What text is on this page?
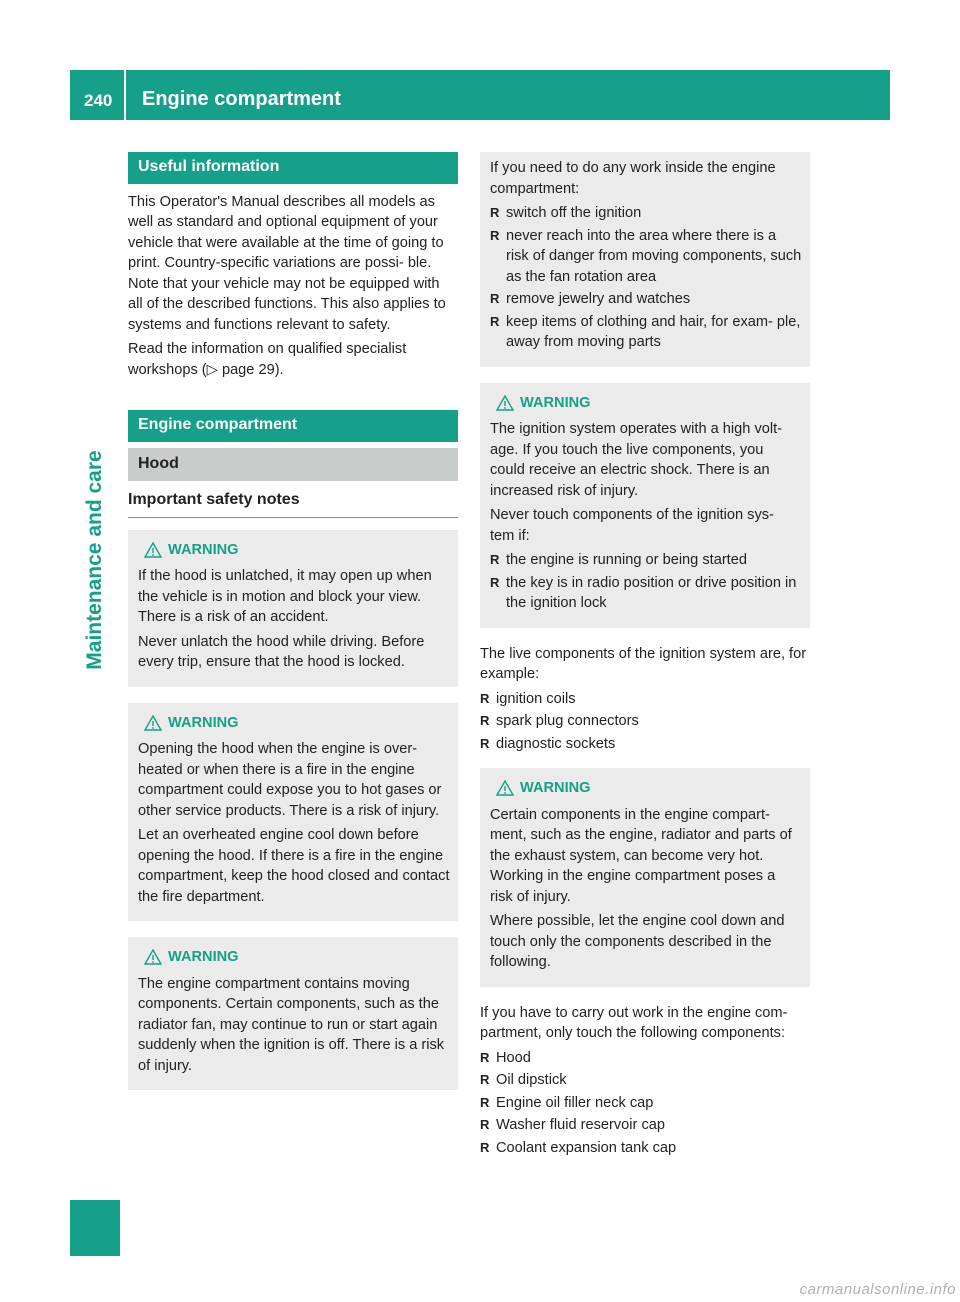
240	Engine compartment
Maintenance and care
Useful information

This Operator's Manual describes all models as well as standard and optional equipment of your vehicle that were available at the time of going to print. Country-specific variations are possi- ble. Note that your vehicle may not be equipped with all of the described functions. This also applies to systems and functions relevant to safety.

Read the information on qualified specialist workshops (▷ page 29).

Engine compartment
Hood
Important safety notes
WARNING

If the hood is unlatched, it may open up when the vehicle is in motion and block your view. There is a risk of an accident.

Never unlatch the hood while driving. Before every trip, ensure that the hood is locked.

WARNING

Opening the hood when the engine is over- heated or when there is a fire in the engine compartment could expose you to hot gases or other service products. There is a risk of injury.

Let an overheated engine cool down before opening the hood. If there is a fire in the engine compartment, keep the hood closed and contact the fire department.

WARNING

The engine compartment contains moving components. Certain components, such as the radiator fan, may continue to run or start again suddenly when the ignition is off. There is a risk of injury.

If you need to do any work inside the engine compartment:

R switch off the ignition
R never reach into the area where there is a risk of danger from moving components, such as the fan rotation area
R remove jewelry and watches
R keep items of clothing and hair, for exam- ple, away from moving parts
WARNING

The ignition system operates with a high volt- age. If you touch the live components, you could receive an electric shock. There is an increased risk of injury.

Never touch components of the ignition sys- tem if:

R the engine is running or being started
R the key is in radio position or drive position in the ignition lock

The live components of the ignition system are, for example:

R ignition coils
R spark plug connectors
R diagnostic sockets
WARNING

Certain components in the engine compart- ment, such as the engine, radiator and parts of the exhaust system, can become very hot. Working in the engine compartment poses a risk of injury.

Where possible, let the engine cool down and touch only the components described in the following.

If you have to carry out work in the engine com- partment, only touch the following components:

R Hood
R Oil dipstick
R Engine oil filler neck cap
R Washer fluid reservoir cap
R Coolant expansion tank cap
carmanualsonline.info
